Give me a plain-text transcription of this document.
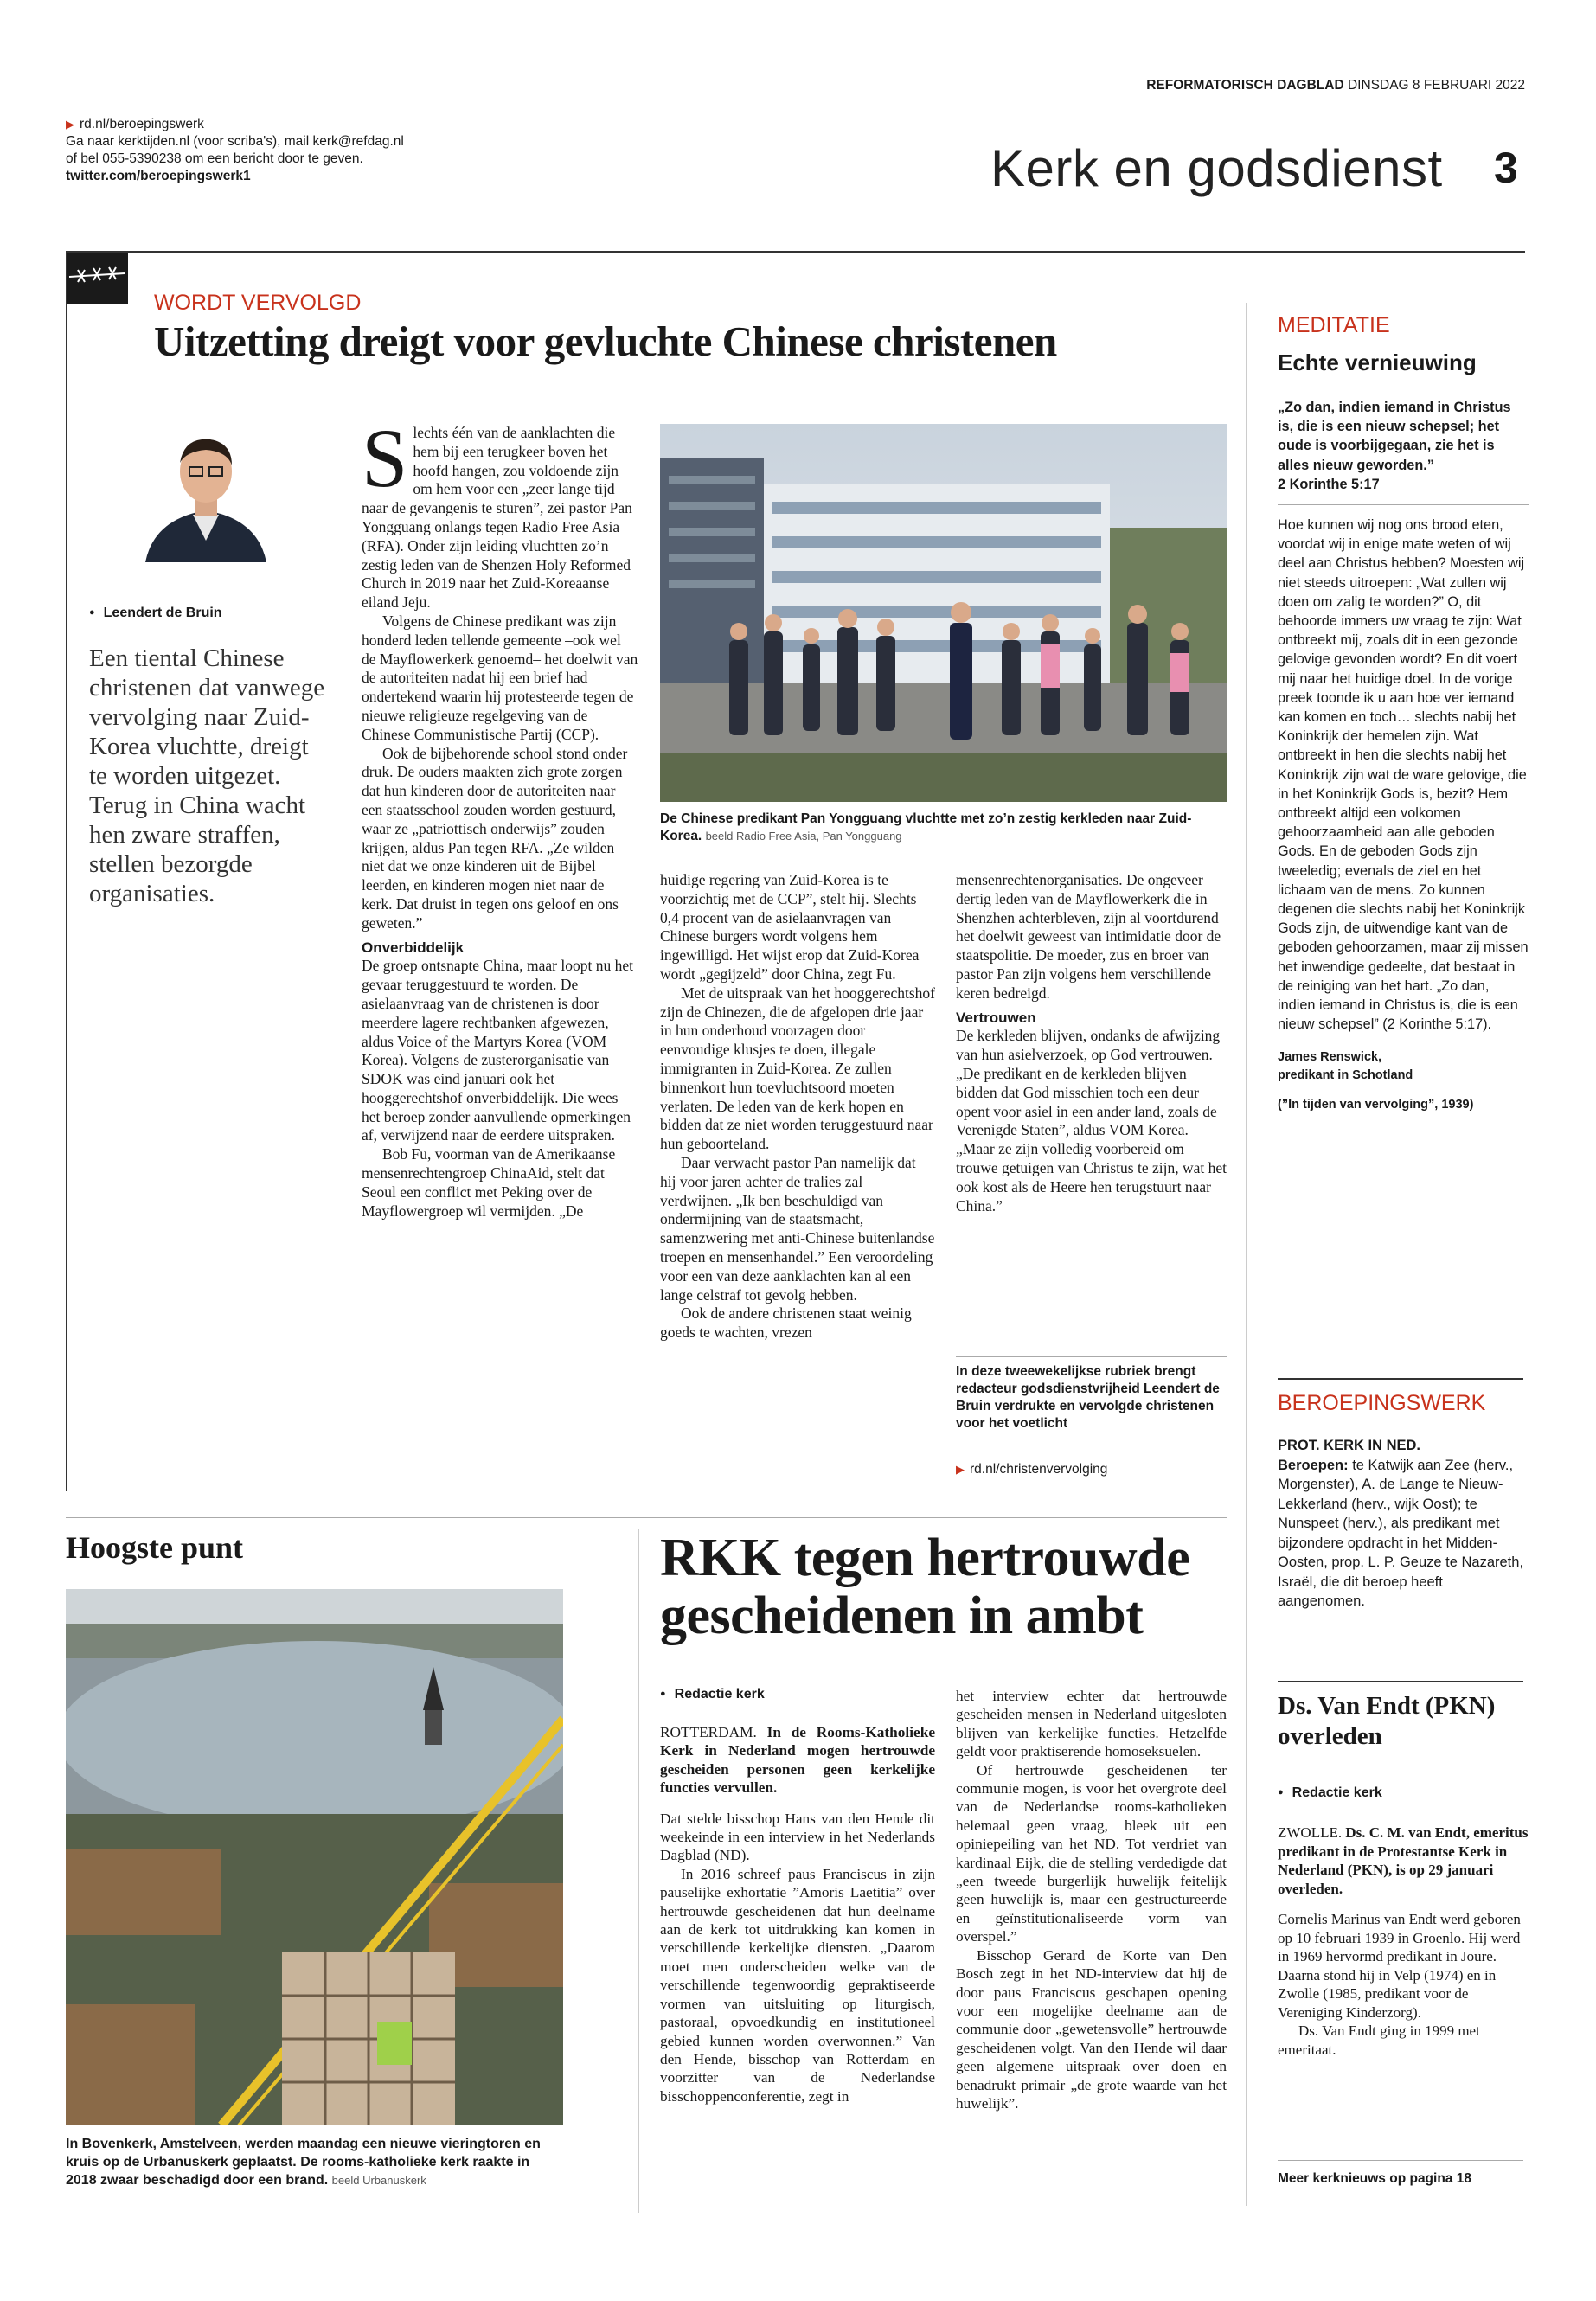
▶ rd.nl/beroepingswerk
Ga naar kerktijden.nl (voor scriba's), mail kerk@refdag.nl
of bel 055-5390238 om een bericht door te geven.
twitter.com/beroepingswerk1
REFORMATORISCH DAGBLAD DINSDAG 8 FEBRUARI 2022
Kerk en godsdienst 3
WORDT VERVOLGD
Uitzetting dreigt voor gevluchte Chinese christenen
● Leendert de Bruin
Een tiental Chinese christenen dat vanwege vervolging naar Zuid-Korea vluchtte, dreigt te worden uitgezet. Terug in China wacht hen zware straffen, stellen bezorgde organisaties.
S lechts één van de aanklachten die hem bij een terugkeer boven het hoofd hangen, zou voldoende zijn om hem voor een „zeer lange tijd naar de gevangenis te sturen”, zei pastor Pan Yongguang onlangs tegen Radio Free Asia (RFA). Onder zijn leiding vluchtten zo’n zestig leden van de Shenzen Holy Reformed Church in 2019 naar het Zuid-Koreaanse eiland Jeju.

Volgens de Chinese predikant was zijn honderd leden tellende gemeente –ook wel de Mayflowerkerk genoemd– het doelwit van de autoriteiten nadat hij een brief had ondertekend waarin hij protesteerde tegen de nieuwe religieuze regelgeving van de Chinese Communistische Partij (CCP).

Ook de bijbehorende school stond onder druk. De ouders maakten zich grote zorgen dat hun kinderen door de autoriteiten naar een staatsschool zouden worden gestuurd, waar ze „patriottisch onderwijs” zouden krijgen, aldus Pan tegen RFA. „Ze wilden niet dat we onze kinderen uit de Bijbel leerden, en kinderen mogen niet naar de kerk. Dat druist in tegen ons geloof en ons geweten.”

Onverbiddelijk

De groep ontsnapte China, maar loopt nu het gevaar teruggestuurd te worden. De asielaanvraag van de christenen is door meerdere lagere rechtbanken afgewezen, aldus Voice of the Martyrs Korea (VOM Korea). Volgens de zusterorganisatie van SDOK was eind januari ook het hooggerechtshof onverbiddelijk. Die wees het beroep zonder aanvullende opmerkingen af, verwijzend naar de eerdere uitspraken.

Bob Fu, voorman van de Amerikaanse mensenrechtengroep ChinaAid, stelt dat Seoul een conflict met Peking over de Mayflowergroep wil vermijden. „De

De Chinese predikant Pan Yongguang vluchtte met zo’n zestig kerkleden naar Zuid-Korea. beeld Radio Free Asia, Pan Yongguang

huidige regering van Zuid-Korea is te voorzichtig met de CCP”, stelt hij. Slechts 0,4 procent van de asielaanvragen van Chinese burgers wordt volgens hem ingewilligd. Het wijst erop dat Zuid-Korea wordt „gegijzeld” door China, zegt Fu.

Met de uitspraak van het hooggerechtshof zijn de Chinezen, die de afgelopen drie jaar in hun onderhoud voorzagen door eenvoudige klusjes te doen, illegale immigranten in Zuid-Korea. Ze zullen binnenkort hun toevluchtsoord moeten verlaten. De leden van de kerk hopen en bidden dat ze niet worden teruggestuurd naar hun geboorteland.

Daar verwacht pastor Pan namelijk dat hij voor jaren achter de tralies zal verdwijnen. „Ik ben beschuldigd van ondermijning van de staatsmacht, samenzwering met anti-Chinese buitenlandse troepen en mensenhandel.” Een veroordeling voor een van deze aanklachten kan al een lange celstraf tot gevolg hebben.

Ook de andere christenen staat weinig goeds te wachten, vrezen

mensenrechtenorganisaties. De ongeveer dertig leden van de Mayflowerkerk die in Shenzhen achterbleven, zijn al voortdurend het doelwit geweest van intimidatie door de staatspolitie. De moeder, zus en broer van pastor Pan zijn volgens hem verschillende keren bedreigd.

Vertrouwen

De kerkleden blijven, ondanks de afwijzing van hun asielverzoek, op God vertrouwen. „De predikant en de kerkleden blijven bidden dat God misschien toch een deur opent voor asiel in een ander land, zoals de Verenigde Staten”, aldus VOM Korea. „Maar ze zijn volledig voorbereid om trouwe getuigen van Christus te zijn, wat het ook kost als de Heere hen terugstuurt naar China.”

In deze tweewekelijkse rubriek brengt redacteur godsdienstvrijheid Leendert de Bruin verdrukte en vervolgde christenen voor het voetlicht
▶ rd.nl/christenvervolging
MEDITATIE
Echte vernieuwing

„Zo dan, indien iemand in Christus is, die is een nieuw schepsel; het oude is voorbijgegaan, zie het is alles nieuw geworden.”

2 Korinthe 5:17

Hoe kunnen wij nog ons brood eten, voordat wij in enige mate weten of wij deel aan Christus hebben? Moesten wij niet steeds uitroepen: „Wat zullen wij doen om zalig te worden?” O, dit behoorde immers uw vraag te zijn: Wat ontbreekt mij, zoals dit in een gezonde gelovige gevonden wordt? En dit voert mij naar het huidige doel. In de vorige preek toonde ik u aan hoe ver iemand kan komen en toch… slechts nabij het Koninkrijk der hemelen zijn. Wat ontbreekt in hen die slechts nabij het Koninkrijk zijn wat de ware gelovige, die in het Koninkrijk Gods is, bezit? Hem ontbreekt altijd een volkomen gehoorzaamheid aan alle geboden Gods. En de geboden Gods zijn tweeledig; evenals de ziel en het lichaam van de mens. Zo kunnen degenen die slechts nabij het Koninkrijk Gods zijn, de uitwendige kant van de geboden gehoorzamen, maar zij missen het inwendige gedeelte, dat bestaat in de reiniging van het hart. „Zo dan, indien iemand in Christus is, die is een nieuw schepsel” (2 Korinthe 5:17).

James Renswick,
predikant in Schotland

(”In tijden van vervolging”, 1939)

BEROEPINGSWERK
PROT. KERK IN NED.
Beroepen: te Katwijk aan Zee (herv., Morgenster), A. de Lange te Nieuw-Lekkerland (herv., wijk Oost); te Nunspeet (herv.), als predikant met bijzondere opdracht in het Midden-Oosten, prop. L. P. Geuze te Nazareth, Israël, die dit beroep heeft aangenomen.
Ds. Van Endt (PKN) overleden
● Redactie kerk

ZWOLLE. Ds. C. M. van Endt, emeritus predikant in de Protestantse Kerk in Nederland (PKN), is op 29 januari overleden.

Cornelis Marinus van Endt werd geboren op 10 februari 1939 in Groenlo. Hij werd in 1969 hervormd predikant in Joure. Daarna stond hij in Velp (1974) en in Zwolle (1985, predikant voor de Vereniging Kinderzorg).

Ds. Van Endt ging in 1999 met emeritaat.

Meer kerknieuws op pagina 18
Hoogste punt
In Bovenkerk, Amstelveen, werden maandag een nieuwe vieringtoren en kruis op de Urbanuskerk geplaatst. De rooms-katholieke kerk raakte in 2018 zwaar beschadigd door een brand. beeld Urbanuskerk
RKK tegen hertrouwde gescheidenen in ambt
● Redactie kerk

ROTTERDAM. In de Rooms-Katholieke Kerk in Nederland mogen hertrouwde gescheiden personen geen kerkelijke functies vervullen.

Dat stelde bisschop Hans van den Hende dit weekeinde in een interview in het Nederlands Dagblad (ND).

In 2016 schreef paus Franciscus in zijn pauselijke exhortatie ”Amoris Laetitia” over hertrouwde gescheidenen dat hun deelname aan de kerk tot uitdrukking kan komen in verschillende kerkelijke diensten. „Daarom moet men onderscheiden welke van de verschillende tegenwoordig gepraktiseerde vormen van uitsluiting op liturgisch, pastoraal, opvoedkundig en institutioneel gebied kunnen worden overwonnen.” Van den Hende, bisschop van Rotterdam en voorzitter van de Nederlandse bisschoppenconferentie, zegt in

het interview echter dat hertrouwde gescheiden mensen in Nederland uitgesloten blijven van kerkelijke functies. Hetzelfde geldt voor praktiserende homoseksuelen.

Of hertrouwde gescheidenen ter communie mogen, is voor het overgrote deel van de Nederlandse rooms-katholieken helemaal geen vraag, bleek uit een opiniepeiling van het ND. Tot verdriet van kardinaal Eijk, die de stelling verdedigde dat „een tweede burgerlijk huwelijk feitelijk geen huwelijk is, maar een gestructureerde en geïnstitutionaliseerde vorm van overspel.”

Bisschop Gerard de Korte van Den Bosch zegt in het ND-interview dat hij de door paus Franciscus geschapen opening voor een mogelijke deelname aan de communie door „gewetensvolle” hertrouwde gescheidenen volgt. Van den Hende wil daar geen algemene uitspraak over doen en benadrukt primair „de grote waarde van het huwelijk”.
